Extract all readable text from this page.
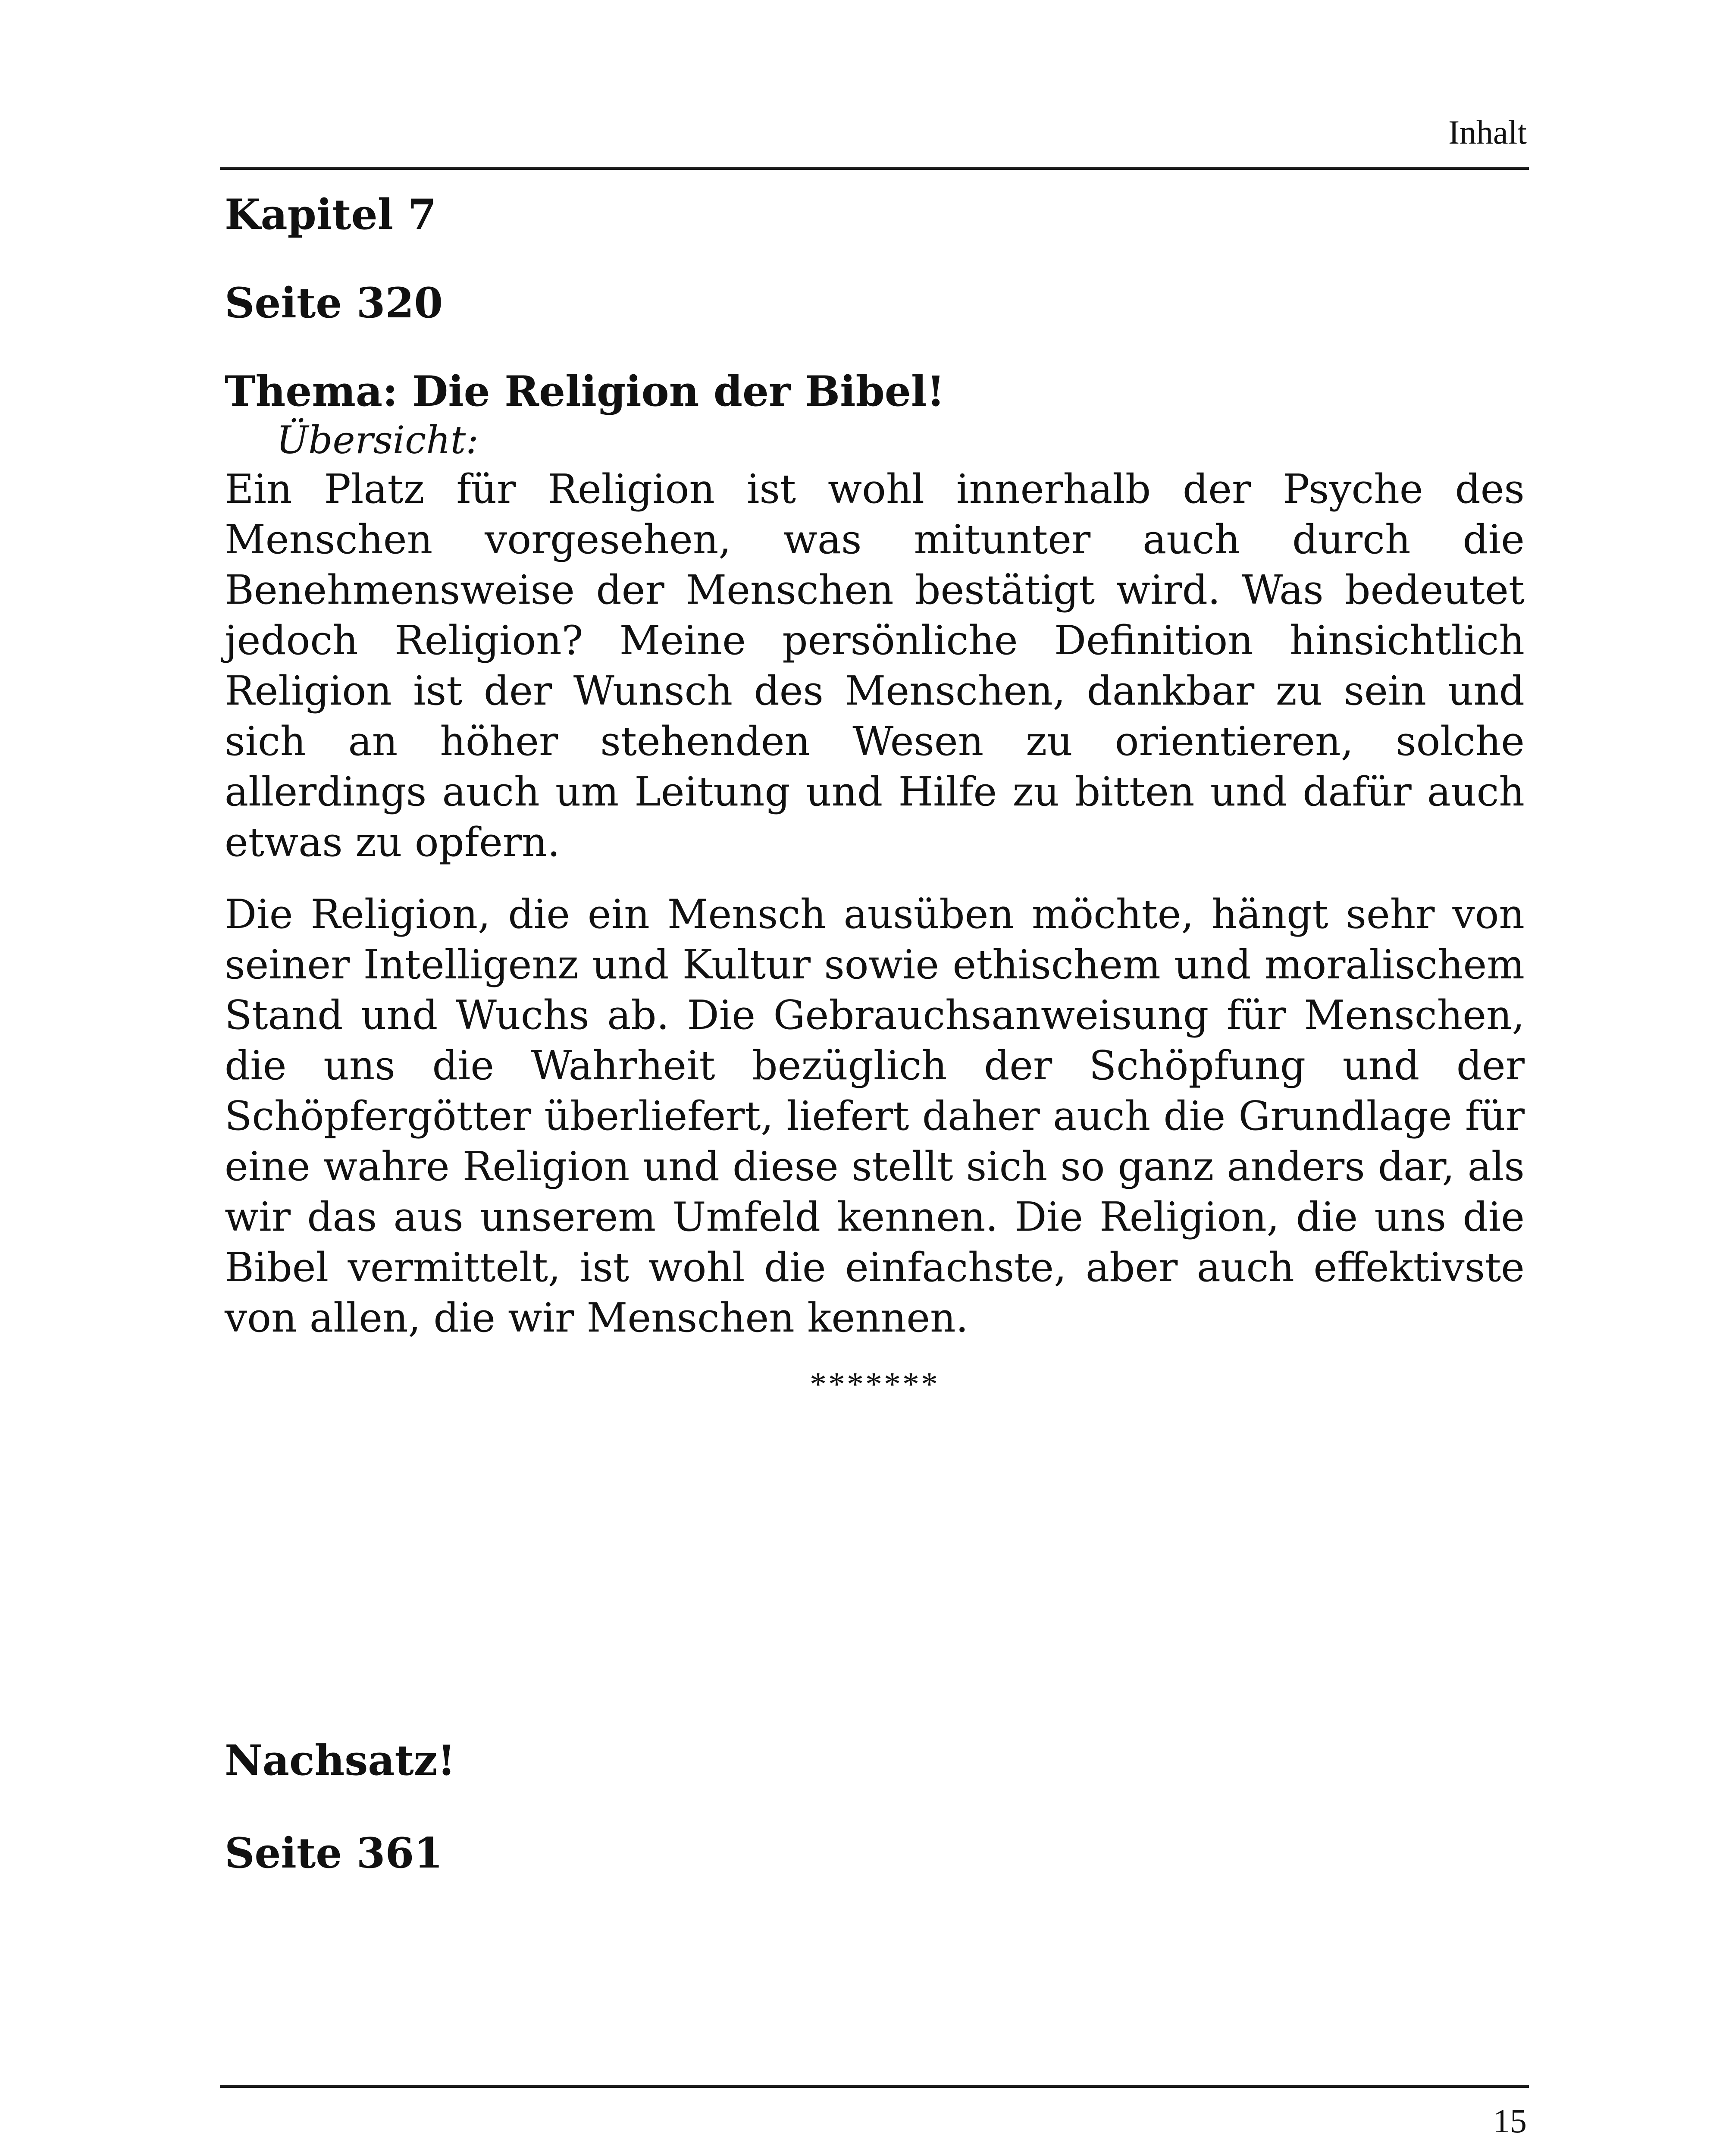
Inhalt
Kapitel 7
Seite 320
Thema: Die Religion der Bibel!
Übersicht:

Ein Platz für Religion ist wohl innerhalb der Psyche des Menschen vorgesehen, was mitunter auch durch die Benehmensweise der Menschen bestätigt wird. Was bedeutet jedoch Religion? Meine persönliche Definition hinsichtlich Religion ist der Wunsch des Menschen, dankbar zu sein und sich an höher stehenden Wesen zu orientieren, solche allerdings auch um Leitung und Hilfe zu bitten und dafür auch etwas zu opfern.

Die Religion, die ein Mensch ausüben möchte, hängt sehr von seiner Intelligenz und Kultur sowie ethischem und moralischem Stand und Wuchs ab. Die Gebrauchsanweisung für Menschen, die uns die Wahrheit bezüglich der Schöpfung und der Schöpfergötter überliefert, liefert daher auch die Grundlage für eine wahre Religion und diese stellt sich so ganz anders dar, als wir das aus unserem Umfeld kennen. Die Religion, die uns die Bibel vermittelt, ist wohl die einfachste, aber auch effektivste von allen, die wir Menschen kennen.

*******
Nachsatz!
Seite 361
15
